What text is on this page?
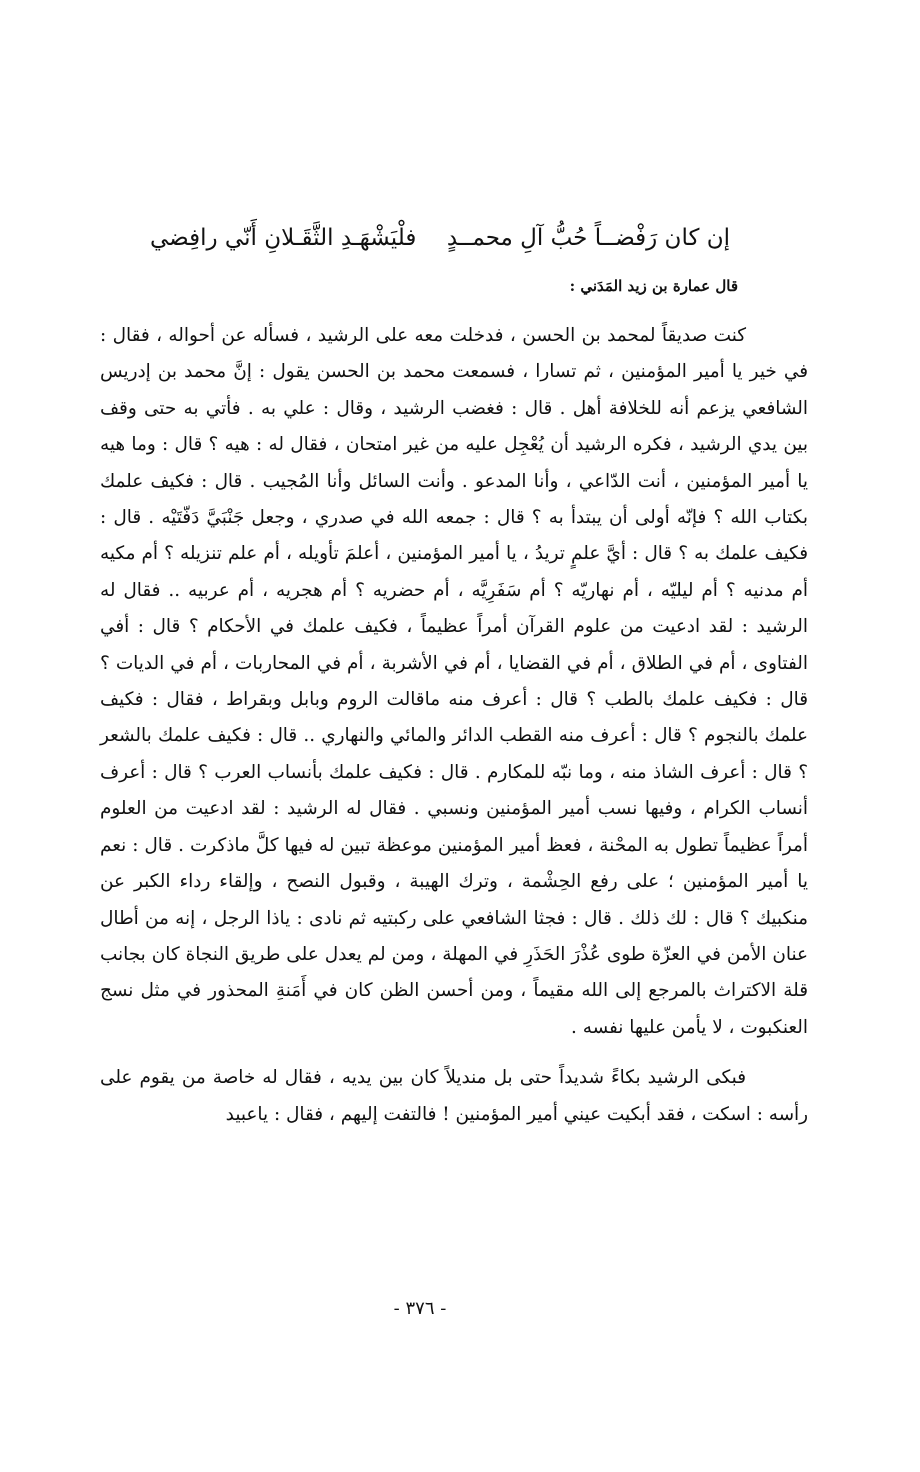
إن كان رَفْضــاً حُبُّ آلِ محمــدٍ
فلْيَشْهَـدِ الثَّقَـلانِ أَنّي رافِضي
قال عمارة بن زيد المَدَني :

كنت صديقاً لمحمد بن الحسن ، فدخلت معه على الرشيد ، فسأله عن أحواله ، فقال : في خير يا أمير المؤمنين ، ثم تسارا ، فسمعت محمد بن الحسن يقول : إنَّ محمد بن إدريس الشافعي يزعم أنه للخلافة أهل . قال : فغضب الرشيد ، وقال : علي به . فأتي به حتى وقف بين يدي الرشيد ، فكره الرشيد أن يُعْجِل عليه من غير امتحان ، فقال له : هيه ؟ قال : وما هيه يا أمير المؤمنين ، أنت الدّاعي ، وأنا المدعو . وأنت السائل وأنا المُجيب . قال : فكيف علمك بكتاب الله ؟ فإنّه أولى أن يبتدأ به ؟ قال : جمعه الله في صدري ، وجعل جَنْبَيَّ دَفّتَيْه . قال : فكيف علمك به ؟ قال : أيَّ علمٍ تريدُ ، يا أمير المؤمنين ، أعلمَ تأويله ، أم علم تنزيله ؟ أم مكيه أم مدنيه ؟ أم ليليّه ، أم نهاريّه ؟ أم سَفَرِيَّه ، أم حضريه ؟ أم هجريه ، أم عربيه .. فقال له الرشيد : لقد ادعيت من علوم القرآن أمراً عظيماً ، فكيف علمك في الأحكام ؟ قال : أفي الفتاوى ، أم في الطلاق ، أم في القضايا ، أم في الأشربة ، أم في المحاربات ، أم في الديات ؟ قال : فكيف علمك بالطب ؟ قال : أعرف منه ماقالت الروم وبابل وبقراط ، فقال : فكيف علمك بالنجوم ؟ قال : أعرف منه القطب الدائر والمائي والنهاري .. قال : فكيف علمك بالشعر ؟ قال : أعرف الشاذ منه ، وما نبّه للمكارم . قال : فكيف علمك بأنساب العرب ؟ قال : أعرف أنساب الكرام ، وفيها نسب أمير المؤمنين ونسبي . فقال له الرشيد : لقد ادعيت من العلوم أمراً عظيماً تطول به المحْنة ، فعظ أمير المؤمنين موعظة تبين له فيها كلَّ ماذكرت . قال : نعم يا أمير المؤمنين ؛ على رفع الحِشْمة ، وترك الهيبة ، وقبول النصح ، وإلقاء رداء الكبر عن منكبيك ؟ قال : لك ذلك . قال : فجثا الشافعي على ركبتيه ثم نادى : ياذا الرجل ، إنه من أطال عنان الأمن في العزّة طوى عُذْرَ الحَذَرِ في المهلة ، ومن لم يعدل على طريق النجاة كان بجانب قلة الاكتراث بالمرجع إلى الله مقيماً ، ومن أحسن الظن كان في أَمَنةِ المحذور في مثل نسج العنكبوت ، لا يأمن عليها نفسه .

فبكى الرشيد بكاءً شديداً حتى بل منديلاً كان بين يديه ، فقال له خاصة من يقوم على رأسه : اسكت ، فقد أبكيت عيني أمير المؤمنين ! فالتفت إليهم ، فقال : ياعبيد

- ٣٧٦ -
